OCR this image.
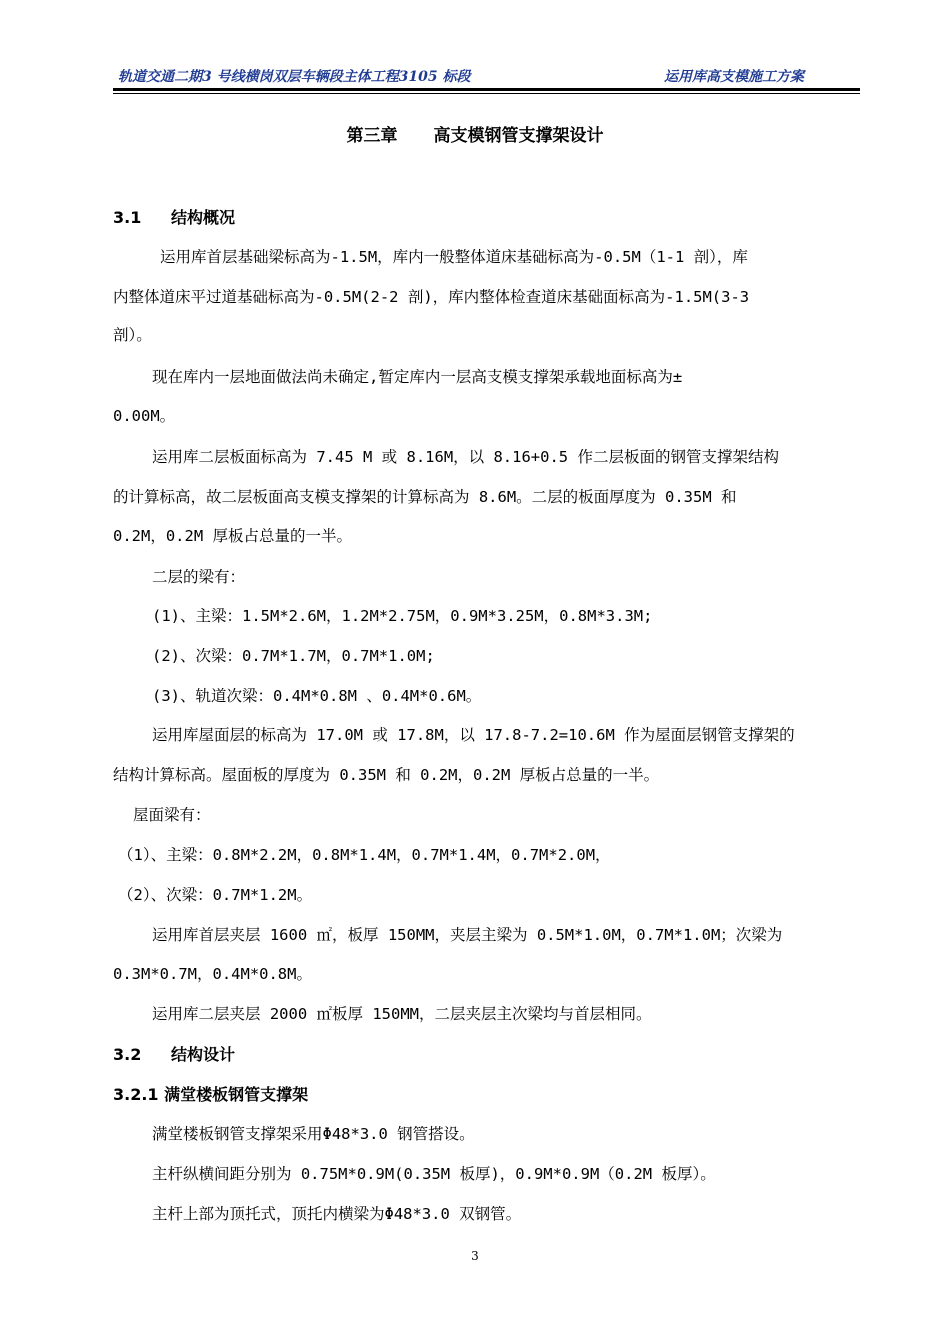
轨道交通二期3 号线横岗双层车辆段主体工程3105 标段	运用库高支模施工方案
第三章 高支模钢管支撑架设计
3.1 结构概况
运用库首层基础梁标高为-1.5M，库内一般整体道床基础标高为-0.5M（1-1 剖），库
内整体道床平过道基础标高为-0.5M(2-2 剖)，库内整体检查道床基础面标高为-1.5M(3-3
剖）。
现在库内一层地面做法尚未确定,暂定库内一层高支模支撑架承载地面标高为±
0.00M。
运用库二层板面标高为 7.45 M 或 8.16M，以 8.16+0.5 作二层板面的钢管支撑架结构
的计算标高，故二层板面高支模支撑架的计算标高为 8.6M。二层的板面厚度为 0.35M 和
0.2M，0.2M 厚板占总量的一半。
二层的梁有：
(1)、主梁：1.5M*2.6M，1.2M*2.75M，0.9M*3.25M，0.8M*3.3M;
(2)、次梁：0.7M*1.7M，0.7M*1.0M;
(3)、轨道次梁：0.4M*0.8M 、0.4M*0.6M。
运用库屋面层的标高为 17.0M 或 17.8M，以 17.8-7.2=10.6M 作为屋面层钢管支撑架的
结构计算标高。屋面板的厚度为 0.35M 和 0.2M，0.2M 厚板占总量的一半。
屋面梁有：
（1）、主梁：0.8M*2.2M，0.8M*1.4M，0.7M*1.4M，0.7M*2.0M，
（2）、次梁：0.7M*1.2M。
运用库首层夹层 1600 ㎡，板厚 150MM，夹层主梁为 0.5M*1.0M，0.7M*1.0M；次梁为
0.3M*0.7M，0.4M*0.8M。
运用库二层夹层 2000 ㎡板厚 150MM，二层夹层主次梁均与首层相同。
3.2 结构设计
3.2.1 满堂楼板钢管支撑架
满堂楼板钢管支撑架采用Φ48*3.0 钢管搭设。
主杆纵横间距分别为 0.75M*0.9M(0.35M 板厚)，0.9M*0.9M（0.2M 板厚）。
主杆上部为顶托式，顶托内横梁为Φ48*3.0 双钢管。
3
